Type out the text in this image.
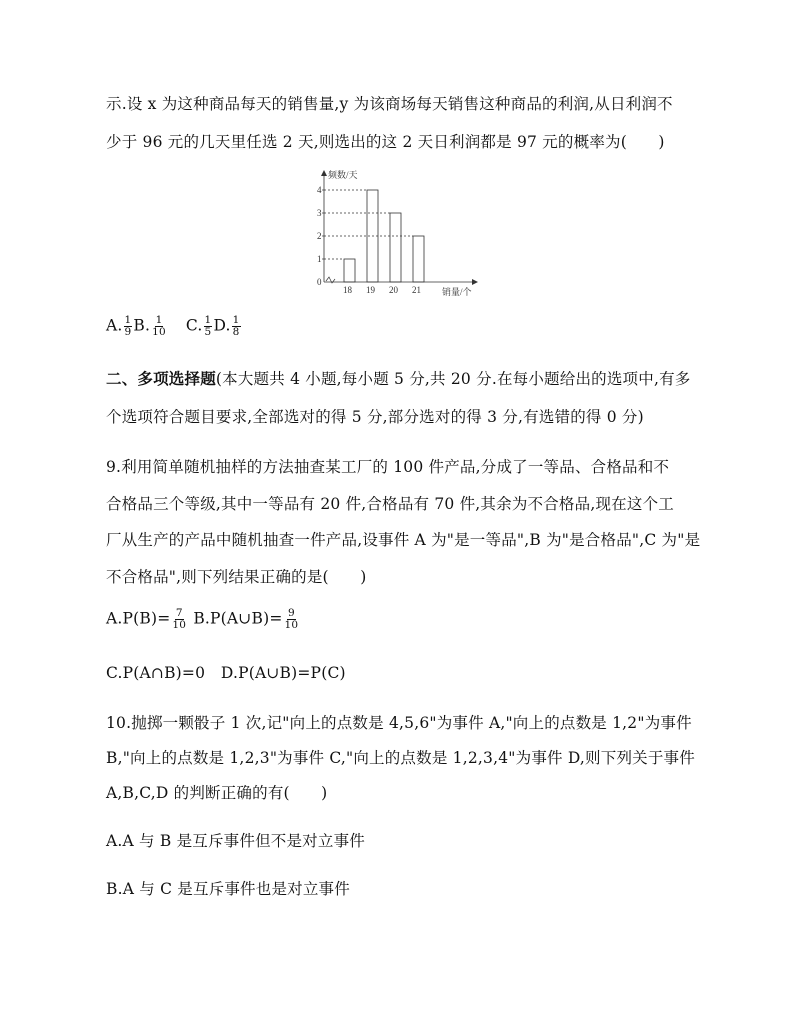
示.设 x 为这种商品每天的销售量,y 为该商场每天销售这种商品的利润,从日利润不
少于 96 元的几天里任选 2 天,则选出的这 2 天日利润都是 97 元的概率为(　　)
频数/天
销量/个
0
1
2
3
4
18 19 20 21
A. $\frac{1}{9} B$. $\frac{1}{10} C$. $\frac{1}{5} D$. $\frac{1}{8}$
二、多项选择题(本大题共 4 小题,每小题 5 分,共 20 分.在每小题给出的选项中,有多
个选项符合题目要求,全部选对的得 5 分,部分选对的得 3 分,有选错的得 0 分)
9.利用简单随机抽样的方法抽查某工厂的 100 件产品,分成了一等品、合格品和不
合格品三个等级,其中一等品有 20 件,合格品有 70 件,其余为不合格品,现在这个工
厂从生产的产品中随机抽查一件产品,设事件 A 为"是一等品",B 为"是合格品",C 为"是
不合格品",则下列结果正确的是(　　)
$A.P(B)= \frac{7}{10}$ B.P(A∪B)= $\frac{9}{10}$
C.P(A∩B)=0　D.P(A∪B)=P(C)
10.抛掷一颗骰子 1 次,记"向上的点数是 4,5,6"为事件 A,"向上的点数是 1,2"为事件
B,"向上的点数是 1,2,3"为事件 C,"向上的点数是 1,2,3,4"为事件 D,则下列关于事件
A,B,C,D 的判断正确的有(　　)
A.A 与 B 是互斥事件但不是对立事件
B.A 与 C 是互斥事件也是对立事件
